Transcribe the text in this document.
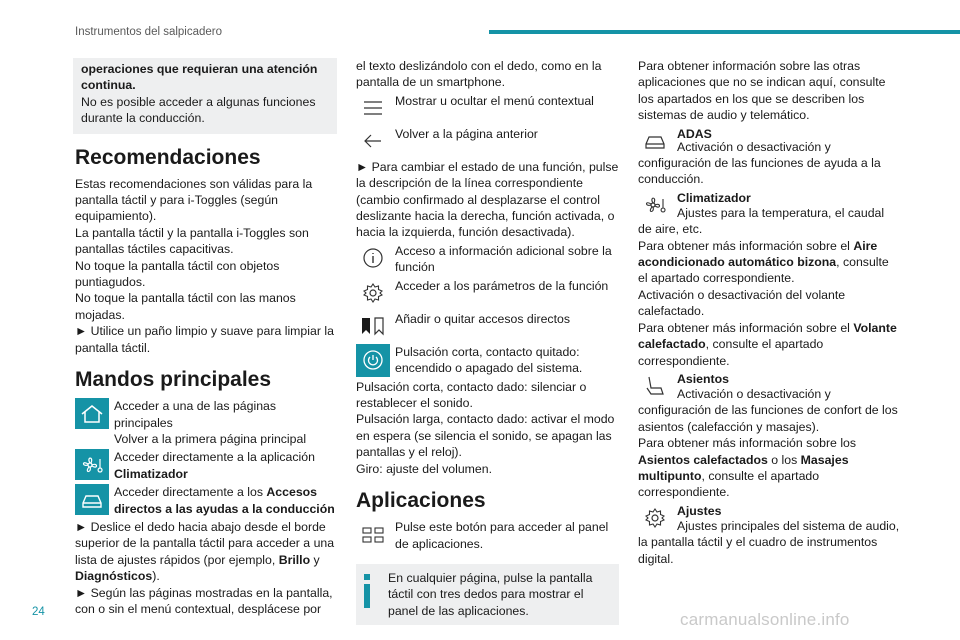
Instrumentos del salpicadero

operaciones que requieran una atención continua.

No es posible acceder a algunas funciones durante la conducción.

Recomendaciones

Estas recomendaciones son válidas para la pantalla táctil y para i-Toggles (según equipamiento).

La pantalla táctil y la pantalla i-Toggles son pantallas táctiles capacitivas.

No toque la pantalla táctil con objetos puntiagudos.

No toque la pantalla táctil con las manos mojadas.

► Utilice un paño limpio y suave para limpiar la pantalla táctil.

Mandos principales

Acceder a una de las páginas principales

Volver a la primera página principal

Acceder directamente a la aplicación

Climatizador

Acceder directamente a los Accesos directos a las ayudas a la conducción

► Deslice el dedo hacia abajo desde el borde superior de la pantalla táctil para acceder a una lista de ajustes rápidos (por ejemplo, Brillo y Diagnósticos).

► Según las páginas mostradas en la pantalla, con o sin el menú contextual, desplácese por

el texto deslizándolo con el dedo, como en la pantalla de un smartphone.

Mostrar u ocultar el menú contextual

Volver a la página anterior

► Para cambiar el estado de una función, pulse la descripción de la línea correspondiente (cambio confirmado al desplazarse el control deslizante hacia la derecha, función activada, o hacia la izquierda, función desactivada).

Acceso a información adicional sobre la función

Acceder a los parámetros de la función

Añadir o quitar accesos directos

Pulsación corta, contacto quitado: encendido o apagado del sistema.

Pulsación corta, contacto dado: silenciar o restablecer el sonido.

Pulsación larga, contacto dado: activar el modo en espera (se silencia el sonido, se apagan las pantallas y el reloj).

Giro: ajuste del volumen.

Aplicaciones

Pulse este botón para acceder al panel de aplicaciones.

En cualquier página, pulse la pantalla táctil con tres dedos para mostrar el panel de las aplicaciones.

Para obtener información sobre las otras aplicaciones que no se indican aquí, consulte los apartados en los que se describen los sistemas de audio y telemático.

ADAS

Activación o desactivación y configuración de las funciones de ayuda a la conducción.

Climatizador

Ajustes para la temperatura, el caudal de aire, etc.

Para obtener más información sobre el Aire acondicionado automático bizona, consulte el apartado correspondiente.

Activación o desactivación del volante calefactado.

Para obtener más información sobre el Volante calefactado, consulte el apartado correspondiente.

Asientos

Activación o desactivación y configuración de las funciones de confort de los asientos (calefacción y masajes).

Para obtener más información sobre los Asientos calefactados o los Masajes multipunto, consulte el apartado correspondiente.

Ajustes

Ajustes principales del sistema de audio, la pantalla táctil y el cuadro de instrumentos digital.

24	carmanualsonline.info
